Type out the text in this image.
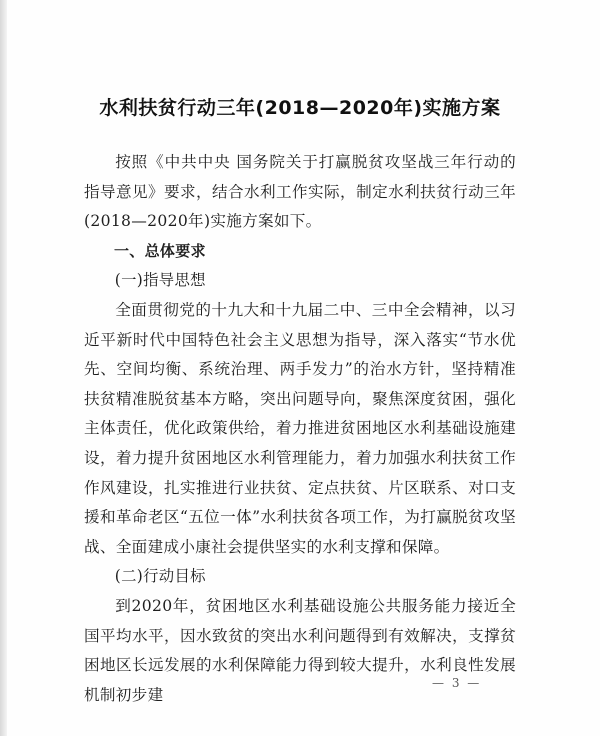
水利扶贫行动三年(2018—2020年)实施方案

按照《中共中央 国务院关于打赢脱贫攻坚战三年行动的指导意见》要求，结合水利工作实际，制定水利扶贫行动三年(2018—2020年)实施方案如下。

一、总体要求

(一)指导思想

全面贯彻党的十九大和十九届二中、三中全会精神，以习近平新时代中国特色社会主义思想为指导，深入落实“节水优先、空间均衡、系统治理、两手发力”的治水方针，坚持精准扶贫精准脱贫基本方略，突出问题导向，聚焦深度贫困，强化主体责任，优化政策供给，着力推进贫困地区水利基础设施建设，着力提升贫困地区水利管理能力，着力加强水利扶贫工作作风建设，扎实推进行业扶贫、定点扶贫、片区联系、对口支援和革命老区“五位一体”水利扶贫各项工作，为打赢脱贫攻坚战、全面建成小康社会提供坚实的水利支撑和保障。

(二)行动目标

到2020年，贫困地区水利基础设施公共服务能力接近全国平均水平，因水致贫的突出水利问题得到有效解决，支撑贫困地区长远发展的水利保障能力得到较大提升，水利良性发展机制初步建

— 3 —
